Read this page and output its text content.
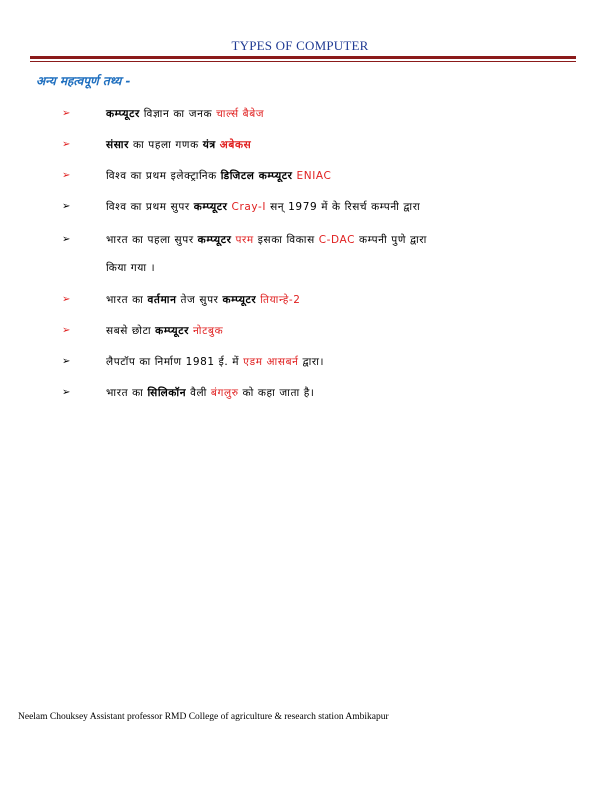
TYPES OF COMPUTER
अन्य महत्वपूर्ण तथ्य -
➢	कम्प्यूटर विज्ञान का जनक चार्ल्स बैबेज
➢	संसार का पहला गणक यंत्र अबेकस
➢	विश्व का प्रथम इलेक्ट्रानिक डिजिटल कम्प्यूटर ENIAC
➢	विश्व का प्रथम सुपर कम्प्यूटर Cray-I सन् 1979 में के रिसर्च कम्पनी द्वारा
➢	भारत का पहला सुपर कम्प्यूटर परम इसका विकास C-DAC कम्पनी पुणे द्वारा
किया गया ।
➢	भारत का वर्तमान तेज सुपर कम्प्यूटर तियान्हे-2
➢	सबसे छोटा कम्प्यूटर नोटबुक
➢	लैपटॉप का निर्माण 1981 ई. में एडम आसबर्न द्वारा।
➢	भारत का सिलिकॉन वैली बंगलुरु को कहा जाता है।
Neelam Chouksey Assistant professor RMD College of agriculture & research station Ambikapur
